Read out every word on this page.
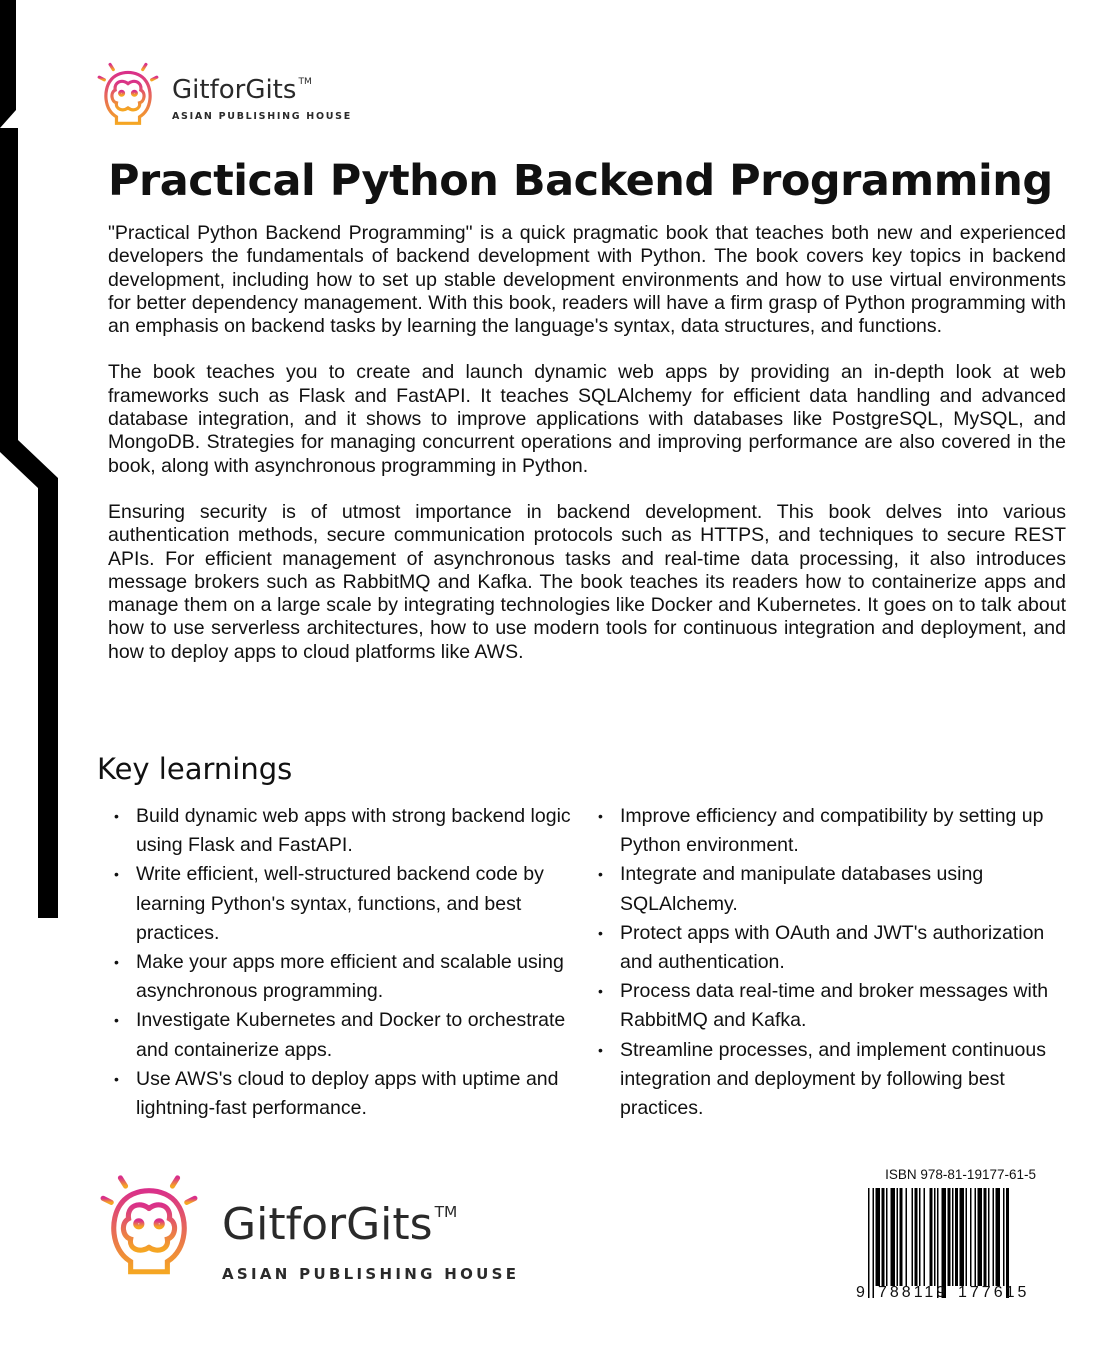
GitforGits ™
ASIAN PUBLISHING HOUSE
Practical Python Backend Programming

"Practical Python Backend Programming" is a quick pragmatic book that teaches both new and experienced developers the fundamentals of backend development with Python. The book covers key topics in backend development, including how to set up stable development environments and how to use virtual environments for better dependency management. With this book, readers will have a firm grasp of Python programming with an emphasis on backend tasks by learning the language's syntax, data structures, and functions.

The book teaches you to create and launch dynamic web apps by providing an in-depth look at web frameworks such as Flask and FastAPI. It teaches SQLAlchemy for efficient data handling and advanced database integration, and it shows to improve applications with databases like PostgreSQL, MySQL, and MongoDB. Strategies for managing concurrent operations and improving performance are also covered in the book, along with asynchronous programming in Python.

Ensuring security is of utmost importance in backend development. This book delves into various authentication methods, secure communication protocols such as HTTPS, and techniques to secure REST APIs. For efficient management of asynchronous tasks and real-time data processing, it also introduces message brokers such as RabbitMQ and Kafka. The book teaches its readers how to containerize apps and manage them on a large scale by integrating technologies like Docker and Kubernetes. It goes on to talk about how to use serverless architectures, how to use modern tools for continuous integration and deployment, and how to deploy apps to cloud platforms like AWS.

Key learnings
• Build dynamic web apps with strong backend logic using Flask and FastAPI.
• Write efficient, well-structured backend code by learning Python's syntax, functions, and best practices.
• Make your apps more efficient and scalable using asynchronous programming.
• Investigate Kubernetes and Docker to orchestrate and containerize apps.
• Use AWS's cloud to deploy apps with uptime and lightning-fast performance.
• Improve efficiency and compatibility by setting up Python environment.
• Integrate and manipulate databases using SQLAlchemy.
• Protect apps with OAuth and JWT's authorization and authentication.
• Process data real-time and broker messages with RabbitMQ and Kafka.
• Streamline processes, and implement continuous integration and deployment by following best practices.
GitforGits ™
ASIAN PUBLISHING HOUSE
ISBN 978-81-19177-61-5
9 788119 177615
